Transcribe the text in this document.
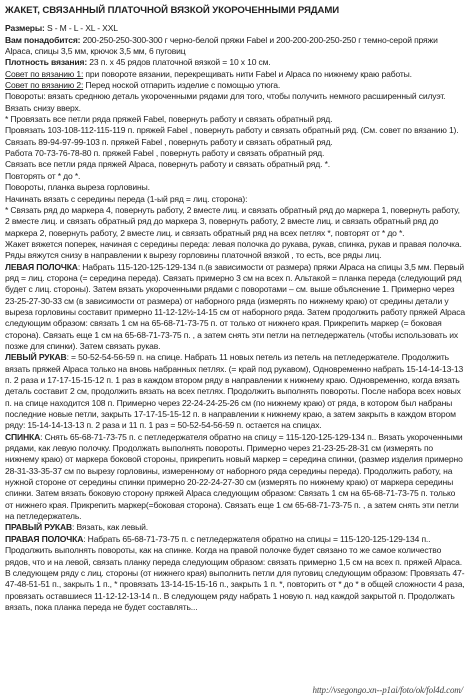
ЖАКЕТ, СВЯЗАННЫЙ ПЛАТОЧНОЙ ВЯЗКОЙ УКОРОЧЕННЫМИ РЯДАМИ

Размеры: S - M - L - XL - XXL

Вам понадобится: 200-250-250-300-300 г черно-белой пряжи Fabel и 200-200-200-250-250 г темно-серой пряжи Alpaca, спицы 3,5 мм, крючок 3,5 мм, 6 пуговиц

Плотность вязания: 23 п. х 45 рядов платочной вязкой = 10 х 10 см.

Совет по вязанию 1: при повороте вязании, перекрещивать нити Fabel и Alpaca по нижнему краю работы.

Совет по вязанию 2: Перед ноской отпарить изделие с помощью утюга.

Повороты: вязать среднюю деталь укороченными рядами для того, чтобы получить немного расширенный силуэт. Вязать снизу вверх.

* Провязать все петли ряда пряжей Fabel, повернуть работу и связать обратный ряд.

Провязать 103-108-112-115-119 п. пряжей Fabel , повернуть работу и связать обратный ряд. (См. совет по вязанию 1).

Связать 89-94-97-99-103 п. пряжей Fabel , повернуть работу и связать обратный ряд.

Работа 70-73-76-78-80 п. пряжей Fabel , повернуть работу и связать обратный ряд.

Связать все петли ряда пряжей Alpaca, повернуть работу и связать обратный ряд. *.

Повторять от * до *.

Повороты, планка выреза горловины.

Начинать вязать с середины переда (1-ый ряд = лиц. сторона):

* Связать ряд до маркера 4, повернуть работу, 2 вместе лиц. и связать обратный ряд до маркера 1, повернуть работу, 2 вместе лиц. и связать обратный ряд до маркера 3, повернуть работу, 2 вместе лиц. и связать обратный ряд до маркера 2, повернуть работу, 2 вместе лиц. и связать обратный ряд на всех петлях *, повторят от * до *.

Жакет вяжется поперек, начиная с середины переда: левая полочка до рукава, рукав, спинка, рукав и правая полочка. Ряды вяжутся снизу в направлении к вырезу горловины платочной вязкой , то есть, все ряды лиц.

ЛЕВАЯ ПОЛОЧКА: Набрать 115-120-125-129-134 п.(в зависимости от размера) пряжи Alpaca на спицы 3,5 мм. Первый ряд = лиц. сторона (= середина переда). Связать примерно 3 см на всех п. Альтакой = планка переда (следующий ряд будет с лиц. стороны). Затем вязать укороченными рядами с поворотами – см. выше объяснение 1. Примерно через 23-25-27-30-33 см (в зависимости от размера) от наборного ряда (измерять по нижнему краю) от средины детали у выреза горловины составит примерно 11-12-12½-14-15 см от наборного ряда. Затем продолжить работу пряжей Alpaca следующим образом: связать 1 см на 65-68-71-73-75 п. от только от нижнего края. Прикрепить маркер (= боковая сторона). Связать еще 1 см на 65-68-71-73-75 п. , а затем снять эти петли на петледержатель (чтобы использовать их позже для спинки). Затем связать рукав.

ЛЕВЫЙ РУКАВ: = 50-52-54-56-59 п. на спице. Набрать 11 новых петель из петель на петледержателе. Продолжить вязать пряжей Alpaca только на вновь набранных петлях. (= край под рукавом), Одновременно набрать 15-14-14-13-13 п. 2 раза и 17-17-15-15-12 п. 1 раз в каждом втором ряду в направлении к нижнему краю. Одновременно, когда вязать деталь составит 2 см, продолжить вязать на всех петлях. Продолжить выполнять повороты. После набора всех новых п. на спице находится 108 п. Примерно через 22-24-24-25-26 см (по нижнему краю) от ряда, в котором был набраны последние новые петли, закрыть 17-17-15-15-12 п. в направлении к нижнему краю, а затем закрыть в каждом втором ряду: 15-14-14-13-13 п. 2 раза и 11 п. 1 раз = 50-52-54-56-59 п. остается на спицах.

СПИНКА: Снять 65-68-71-73-75 п. с петледержателя обратно на спицу = 115-120-125-129-134 п.. Вязать укороченными рядами, как левую полочку. Продолжать выполнять повороты. Примерно через 21-23-25-28-31 см (измерять по нижнему краю) от маркера боковой стороны, прикрепить новый маркер = середина спинки, (размер изделия примерно 28-31-33-35-37 см по вырезу горловины, измеренному от наборного ряда середины переда). Продолжить работу, на нужной стороне от середины спинки примерно 20-22-24-27-30 см (измерять по нижнему краю) от маркера середины спинки. Затем вязать боковую сторону пряжей Alpaca следующим образом: Связать 1 см на 65-68-71-73-75 п. только от нижнего края. Прикрепить маркер(=боковая сторона). Связать еще 1 см 65-68-71-73-75 п. , а затем снять эти петли на петледержатель.

ПРАВЫЙ РУКАВ: Вязать, как левый.

ПРАВАЯ ПОЛОЧКА: Набрать 65-68-71-73-75 п. с петледержателя обратно на спицы = 115-120-125-129-134 п.. Продолжить выполнять повороты, как на спинке. Когда на правой полочке будет связано то же самое количество рядов, что и на левой, связать планку переда следующим образом: связать примерно 1,5 см на всех п. пряжей Alpaca. В следующем ряду с лиц. стороны (от нижнего края) выполнить петли для пуговиц следующим образом: Провязать 47-47-48-51-51 п., закрыть 1 п., * провязать 13-14-15-15-16 п., закрыть 1 п. *, повторить от * до * в общей сложности 4 раза, провязать оставшиеся 11-12-12-13-14 п.. В следующем ряду набрать 1 новую п. над каждой закрытой п. Продолжать вязать, пока планка переда не будет составлять...

http://vsegongo.xn--p1ai/foto/ok/fol4d.com/
